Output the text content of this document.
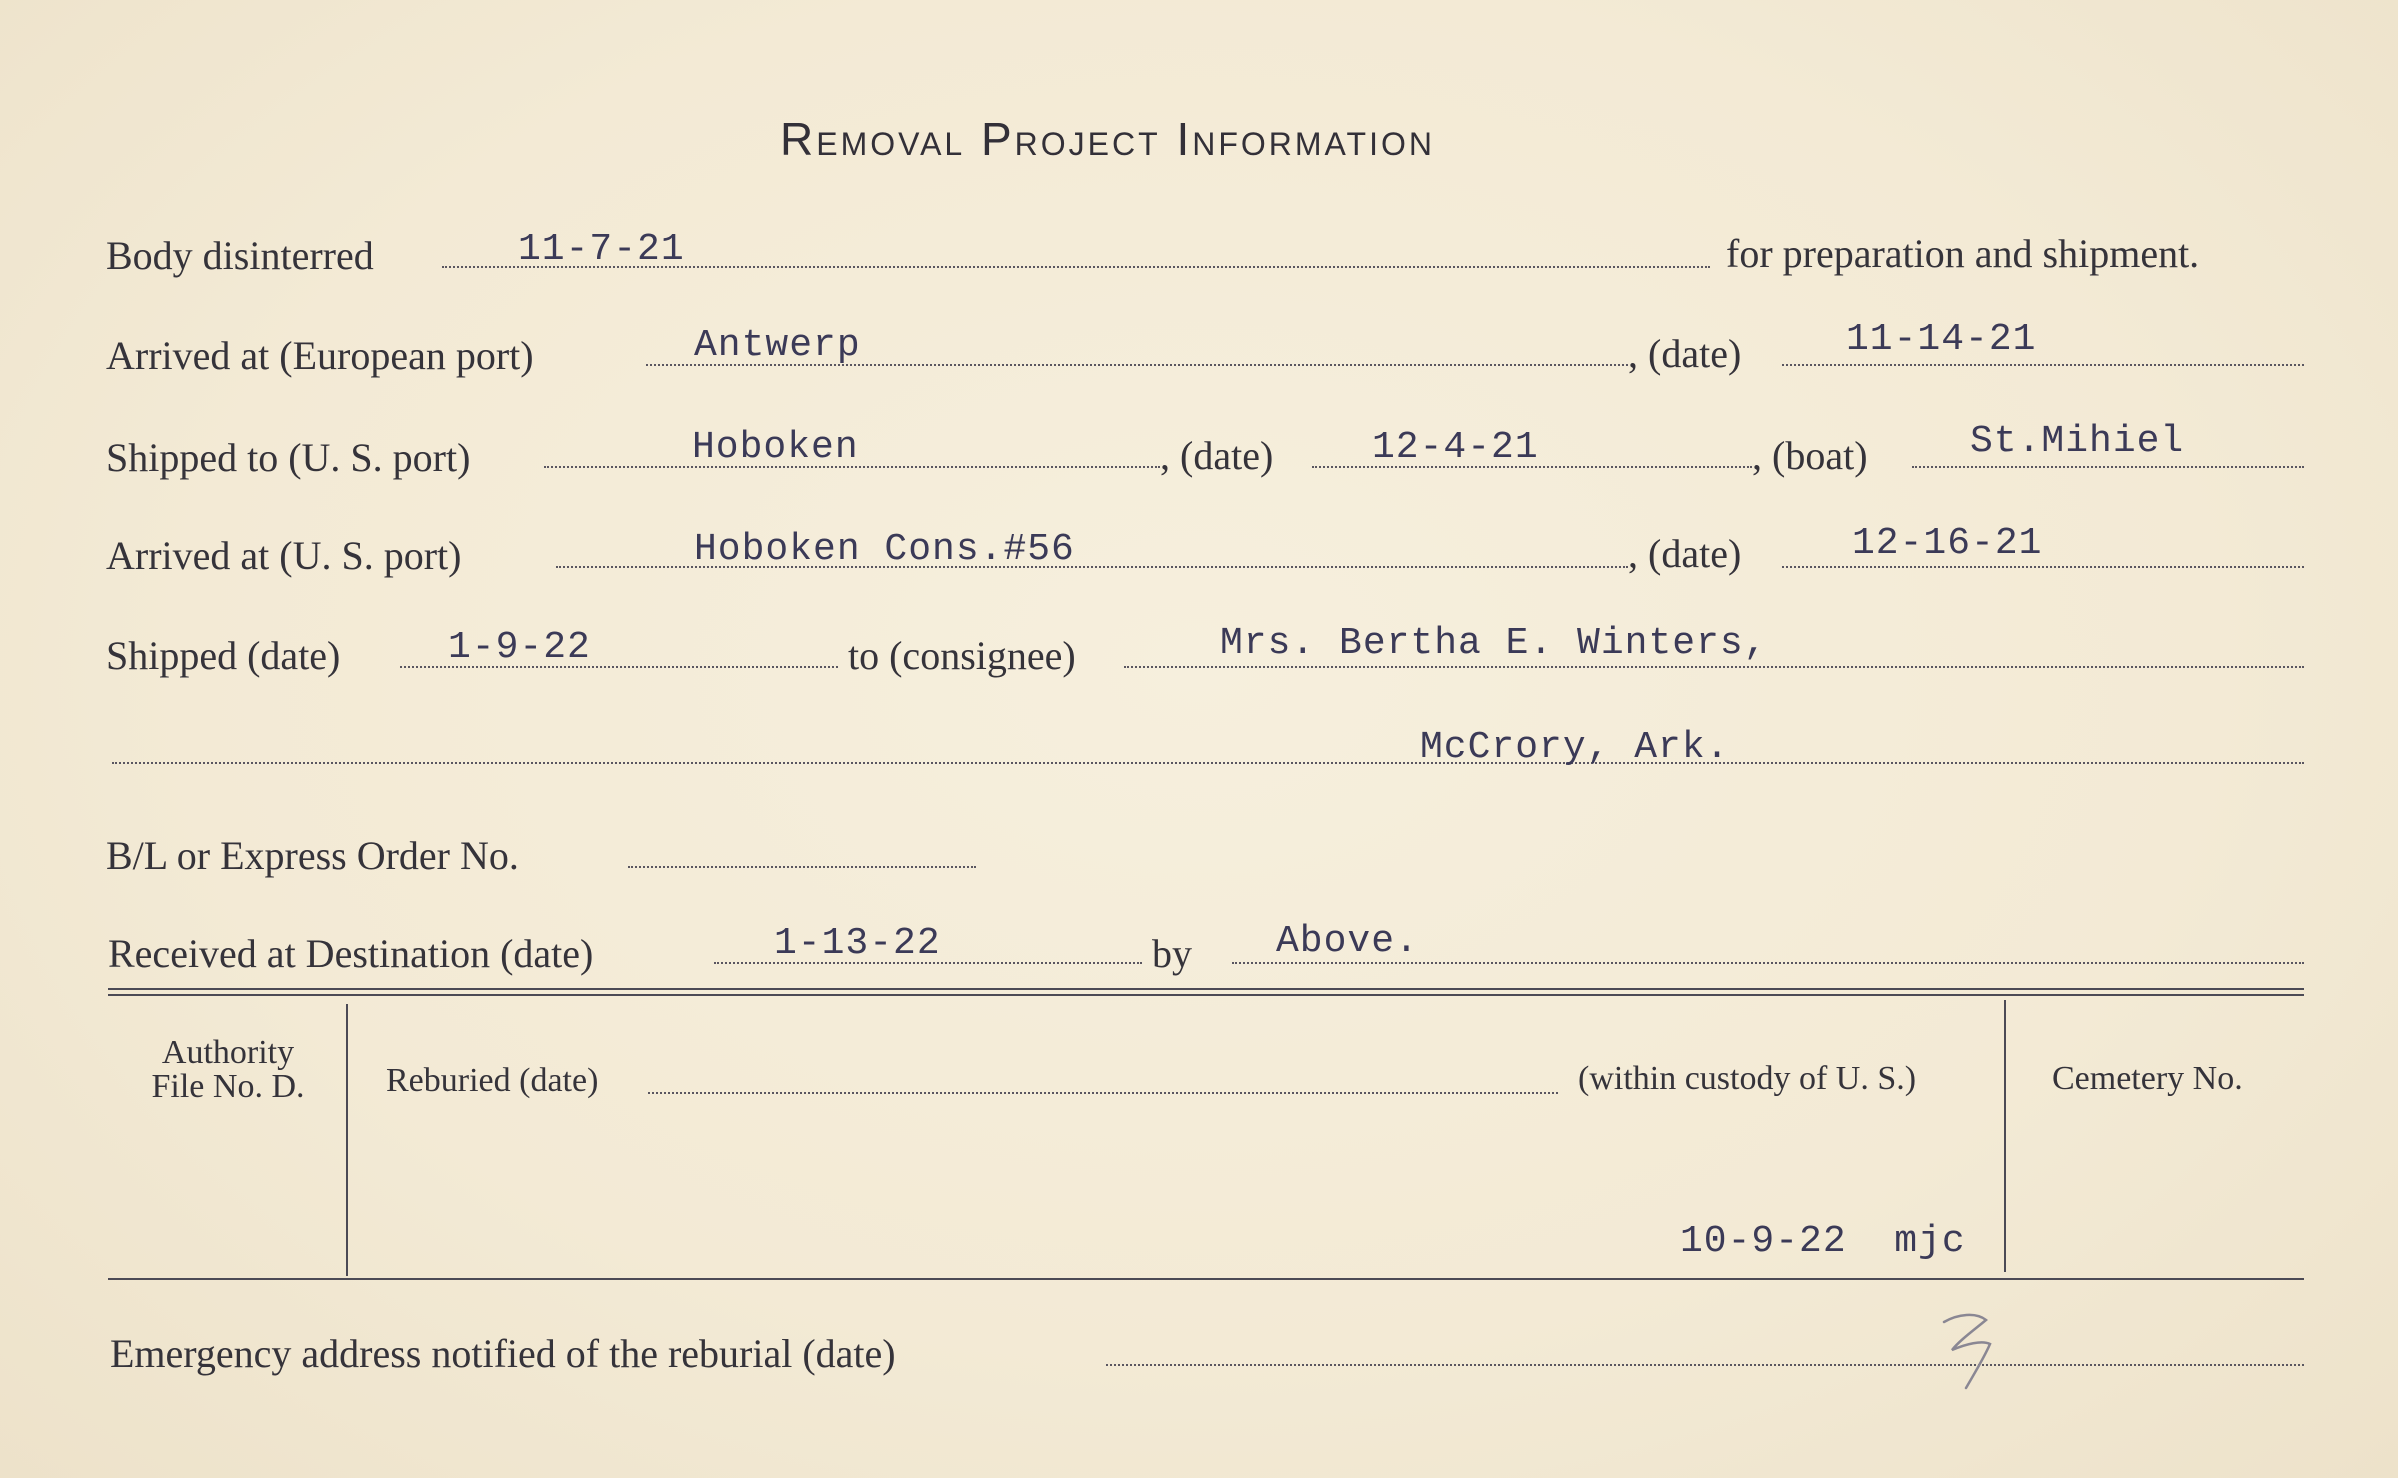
Removal Project Information
Body disinterred	11-7-21	for preparation and shipment.
Arrived at (European port)	Antwerp	, (date)	11-14-21
Shipped to (U. S. port)	Hoboken	, (date)	12-4-21	, (boat)	St.Mihiel
Arrived at (U. S. port)	Hoboken Cons.#56	, (date)	12-16-21
Shipped (date)	1-9-22	to (consignee)	Mrs. Bertha E. Winters,
McCrory, Ark.
B/L or Express Order No.
Received at Destination (date)	1-13-22	by Above.
Authority
File No. D.	Reburied (date)	(within custody of U. S.)	Cemetery No.
10-9-22  mjc
Emergency address notified of the reburial (date)
